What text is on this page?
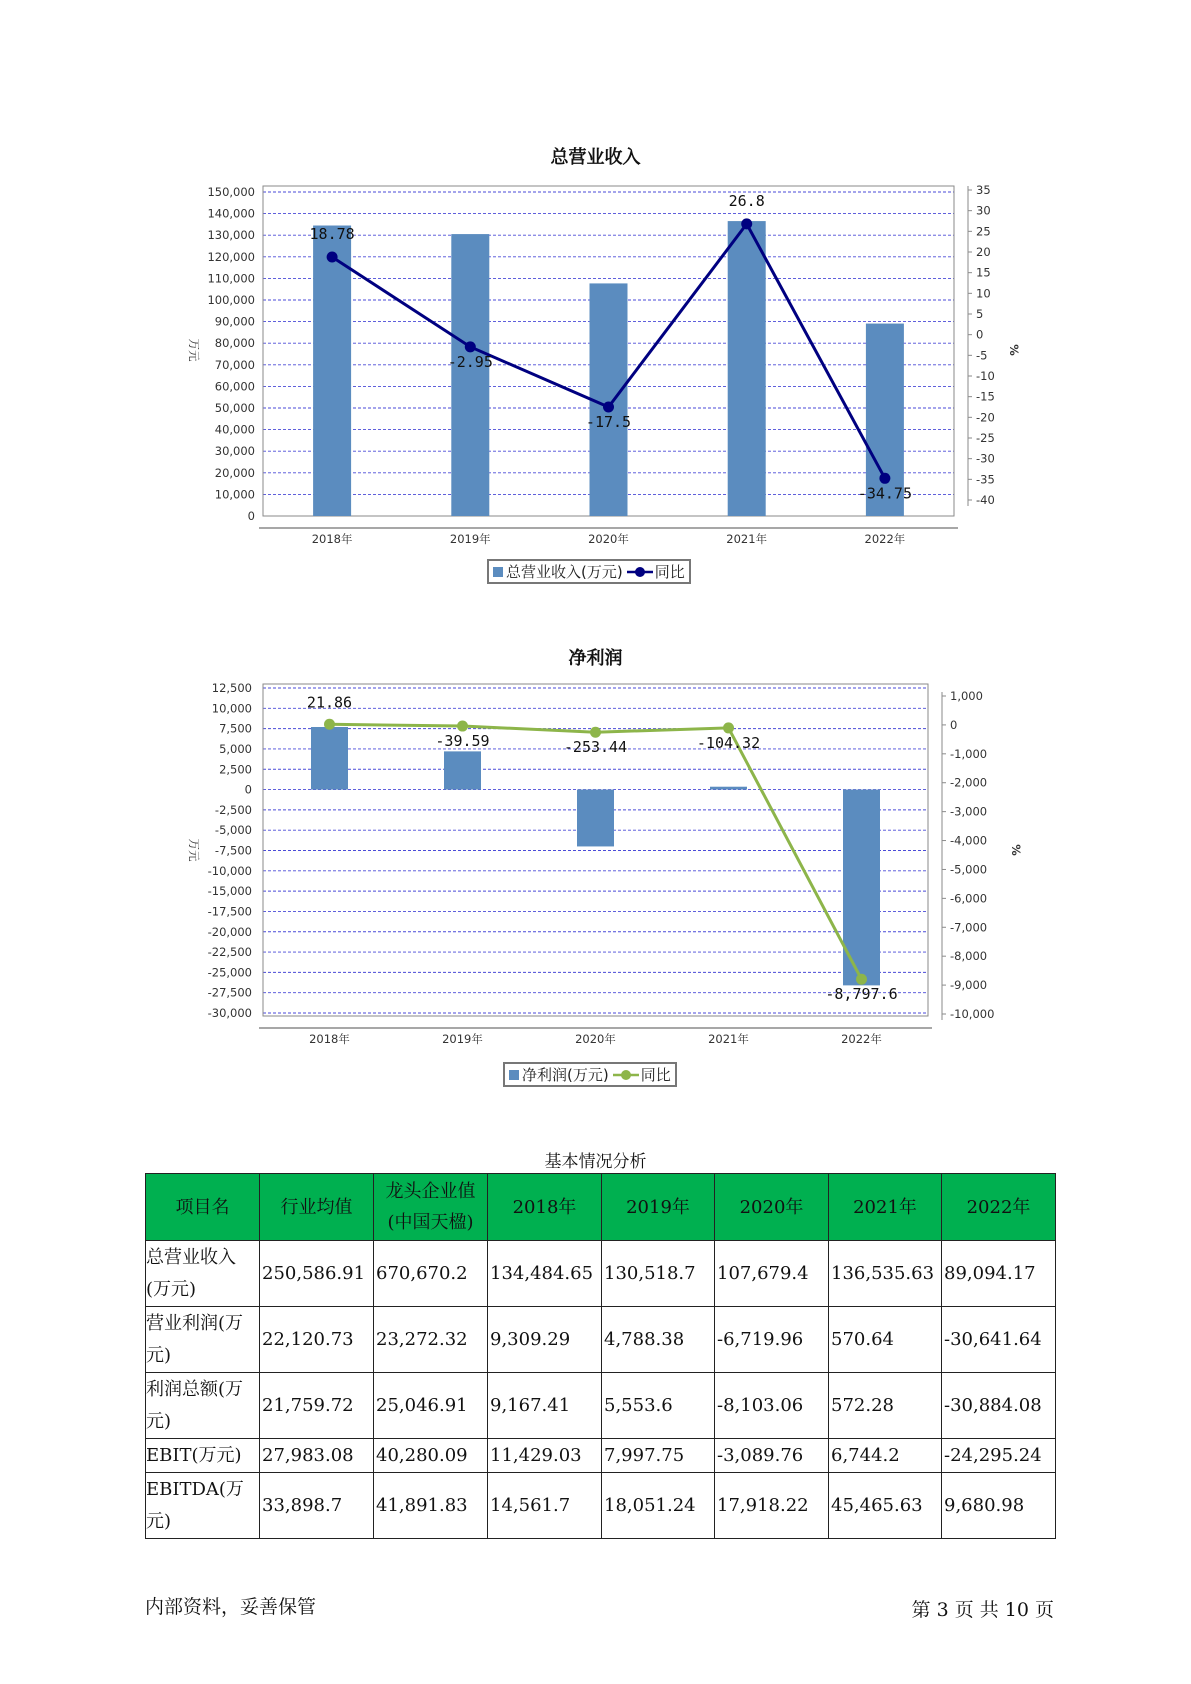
总营业收入
0
10,000
20,000
30,000
40,000
50,000
60,000
70,000
80,000
90,000
100,000
110,000
120,000
130,000
140,000
150,000
-40
-35
-30
-25
-20
-15
-10
-5
0
5
10
15
20
25
30
35
万元	%
2018年	2019年	2020年	2021年	2022年
18.78
-2.95
-17.5
26.8
-34.75
总营业收入(万元) 同比
净利润
12,500
10,000
7,500
5,000
2,500
0
-2,500
-5,000
-7,500
-10,000
-15,000
-17,500
-20,000
-22,500
-25,000
-27,500
-30,000
1,000
0
-1,000
-2,000
-3,000
-4,000
-5,000
-6,000
-7,000
-8,000
-9,000
-10,000
万元	%
2018年	2019年	2020年	2021年	2022年
21.86
-39.59	-253.44	-104.32
-8,797.6
净利润(万元) 同比
基本情况分析
项目名	行业均值	龙头企业值(中国天楹)	2018年	2019年	2020年	2021年	2022年
总营业收入(万元)	250,586.91	670,670.2	134,484.65	130,518.7	107,679.4	136,535.63	89,094.17
营业利润(万元)	22,120.73	23,272.32	9,309.29	4,788.38	-6,719.96	570.64	-30,641.64
利润总额(万元)	21,759.72	25,046.91	9,167.41	5,553.6	-8,103.06	572.28	-30,884.08
EBIT(万元)	27,983.08	40,280.09	11,429.03	7,997.75	-3,089.76	6,744.2	-24,295.24
EBITDA(万元)	33,898.7	41,891.83	14,561.7	18,051.24	17,918.22	45,465.63	9,680.98
内部资料，妥善保管	第 3 页 共 10 页
